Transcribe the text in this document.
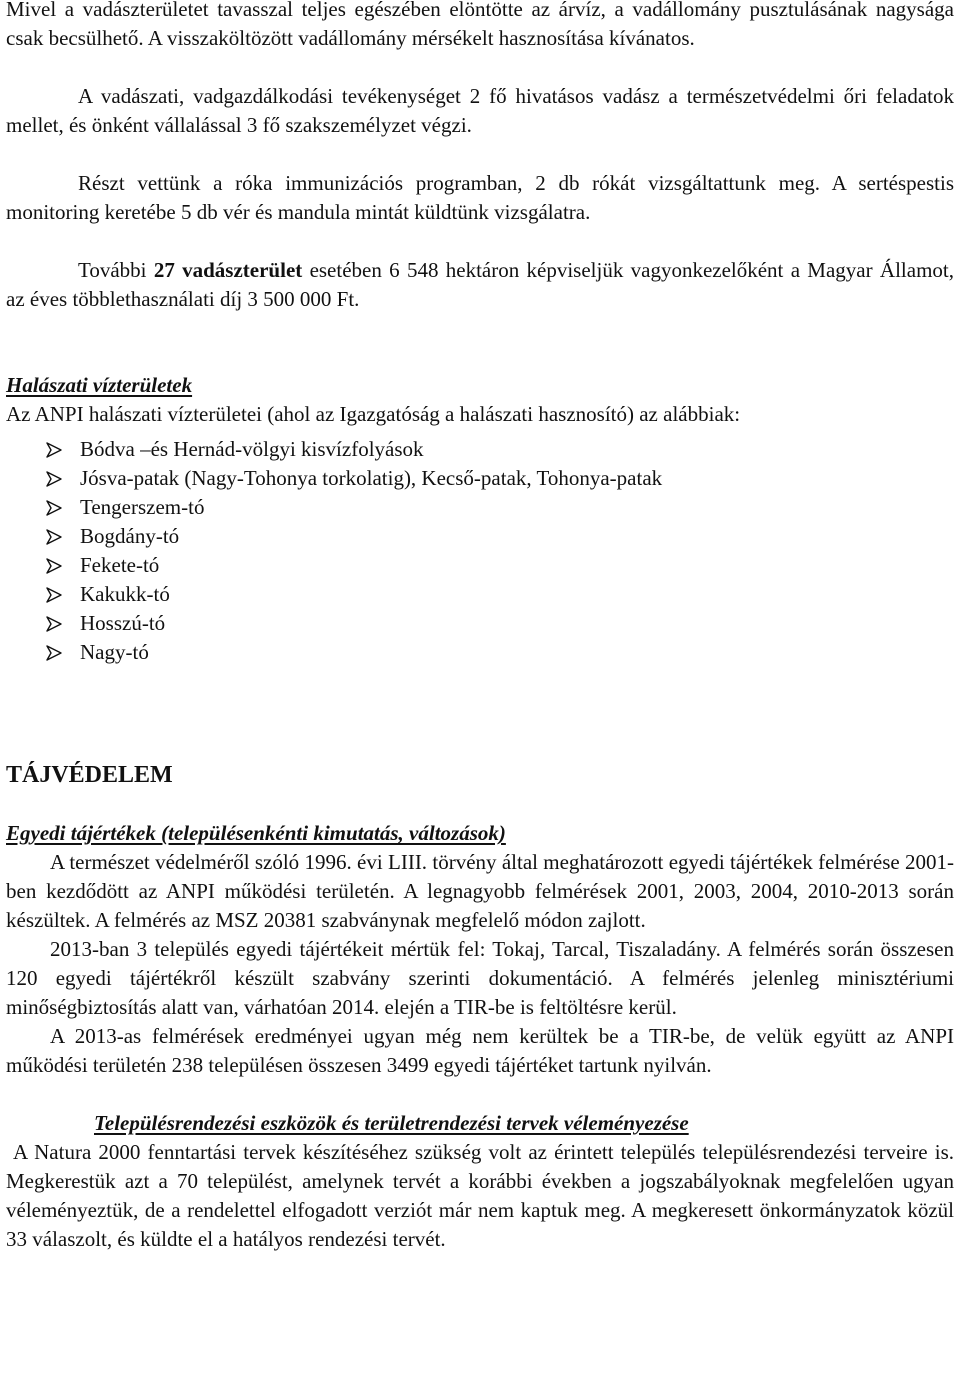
Mivel a vadászterületet tavasszal teljes egészében elöntötte az árvíz, a vadállomány pusztulásának nagysága csak becsülhető. A visszaköltözött vadállomány mérsékelt hasznosítása kívánatos.

A vadászati, vadgazdálkodási tevékenységet 2 fő hivatásos vadász a természetvédelmi őri feladatok mellet, és önként vállalással 3 fő szakszemélyzet végzi.

Részt vettünk a róka immunizációs programban, 2 db rókát vizsgáltattunk meg. A sertéspestis monitoring keretébe 5 db vér és mandula mintát küldtünk vizsgálatra.

További 27 vadászterület esetében 6 548 hektáron képviseljük vagyonkezelőként a Magyar Államot, az éves többlethasználati díj 3 500 000 Ft.

Halászati vízterületek

Az ANPI halászati vízterületei (ahol az Igazgatóság a halászati hasznosító) az alábbiak:

Bódva –és Hernád-völgyi kisvízfolyások
Jósva-patak (Nagy-Tohonya torkolatig), Kecső-patak, Tohonya-patak
Tengerszem-tó
Bogdány-tó
Fekete-tó
Kakukk-tó
Hosszú-tó
Nagy-tó

TÁJVÉDELEM

Egyedi tájértékek (településenkénti kimutatás, változások)

A természet védelméről szóló 1996. évi LIII. törvény által meghatározott egyedi tájértékek felmérése 2001-ben kezdődött az ANPI működési területén. A legnagyobb felmérések 2001, 2003, 2004, 2010-2013 során készültek. A felmérés az MSZ 20381 szabványnak megfelelő módon zajlott.

2013-ban 3 település egyedi tájértékeit mértük fel: Tokaj, Tarcal, Tiszaladány. A felmérés során összesen 120 egyedi tájértékről készült szabvány szerinti dokumentáció. A felmérés jelenleg minisztériumi minőségbiztosítás alatt van, várhatóan 2014. elején a TIR-be is feltöltésre kerül.

A 2013-as felmérések eredményei ugyan még nem kerültek be a TIR-be, de velük együtt az ANPI működési területén 238 településen összesen 3499 egyedi tájértéket tartunk nyilván.

Településrendezési eszközök és területrendezési tervek véleményezése

A Natura 2000 fenntartási tervek készítéséhez szükség volt az érintett település településrendezési terveire is. Megkerestük azt a 70 települést, amelynek tervét a korábbi években a jogszabályoknak megfelelően ugyan véleményeztük, de a rendelettel elfogadott verziót már nem kaptuk meg. A megkeresett önkormányzatok közül 33 válaszolt, és küldte el a hatályos rendezési tervét.
